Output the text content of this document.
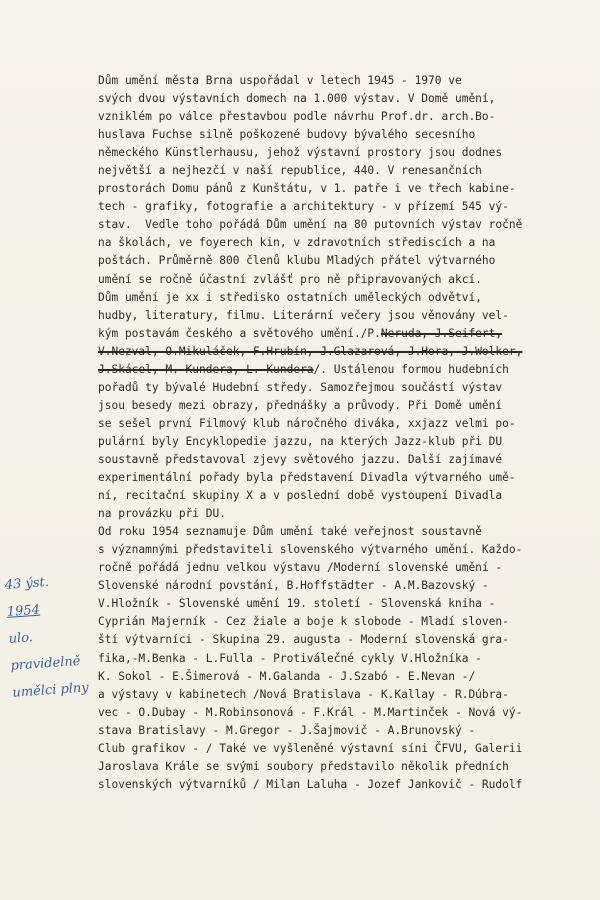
Dům umění města Brna uspořádal v letech 1945 - 1970 ve
svých dvou výstavních domech na 1.000 výstav. V Domě umění,
vzniklém po válce přestavbou podle návrhu Prof.dr. arch.Bo-
huslava Fuchse silně poškozené budovy bývalého secesního
německého Künstlerhausu, jehož výstavní prostory jsou dodnes
největší a nejhezčí v naší republice, 440. V renesančních
prostorách Domu pánů z Kunštátu, v 1. patře i ve třech kabine-
tech - grafiky, fotografie a architektury - v přízemí 545 vý-
stav.  Vedle toho pořádá Dům umění na 80 putovních výstav ročně
na školách, ve foyerech kin, v zdravotních střediscích a na
poštách. Průměrně 800 členů klubu Mladých přátel výtvarného
umění se ročně účastní zvlášť pro ně připravovaných akcí.
Dům umění je xx i středisko ostatních uměleckých odvětví,
hudby, literatury, filmu. Literární večery jsou věnovány vel-
kým postavám českého a světového umění./P.Neruda, J.Seifert,
V.Nezval, O.Mikuláček, F.Hrubín, J.Glazarová, J.Hora, J.Wolker,
J.Skácel, M. Kundera, L. Kundera/. Ustálenou formou hudebních
pořadů ty bývalé Hudební středy. Samozřejmou součástí výstav
jsou besedy mezi obrazy, přednášky a průvody. Při Domě umění
se sešel první Filmový klub náročného diváka, xxjazz velmi po-
pulární byly Encyklopedie jazzu, na kterých Jazz-klub při DU
soustavně představoval zjevy světového jazzu. Další zajímavé
experimentální pořady byla představení Divadla výtvarného umě-
ní, recitační skupiny X a v poslední době vystoupení Divadla
na provázku při DU.
Od roku 1954 seznamuje Dům umění také veřejnost soustavně
s významnými představiteli slovenského výtvarného umění. Každo-
ročně pořádá jednu velkou výstavu /Moderní slovenské umění -
Slovenské národní povstání, B.Hoffstädter - A.M.Bazovský -
V.Hložník - Slovenské umění 19. století - Slovenská kniha -
Cyprián Majerník - Cez žiale a boje k slobode - Mladí sloven-
ští výtvarníci - Skupina 29. augusta - Moderní slovenská gra-
fika,-M.Benka - L.Fulla - Protiválečné cykly V.Hložníka -
K. Sokol - E.Šimerová - M.Galanda - J.Szabó - E.Nevan -/
a výstavy v kabinetech /Nová Bratislava - K.Kallay - R.Dúbra-
vec - O.Dubay - M.Robinsonová - F.Král - M.Martinček - Nová vý-
stava Bratislavy - M.Gregor - J.Šajmovič - A.Brunovský -
Club grafikov - / Také ve vyšleněné výstavní síni ČFVU, Galerii
Jaroslava Krále se svými soubory představilo několik předních
slovenských výtvarníků / Milan Laluha - Jozef Jankovič - Rudolf
43 ýst.
1954
ulo.
pravidelně
umělci plny
